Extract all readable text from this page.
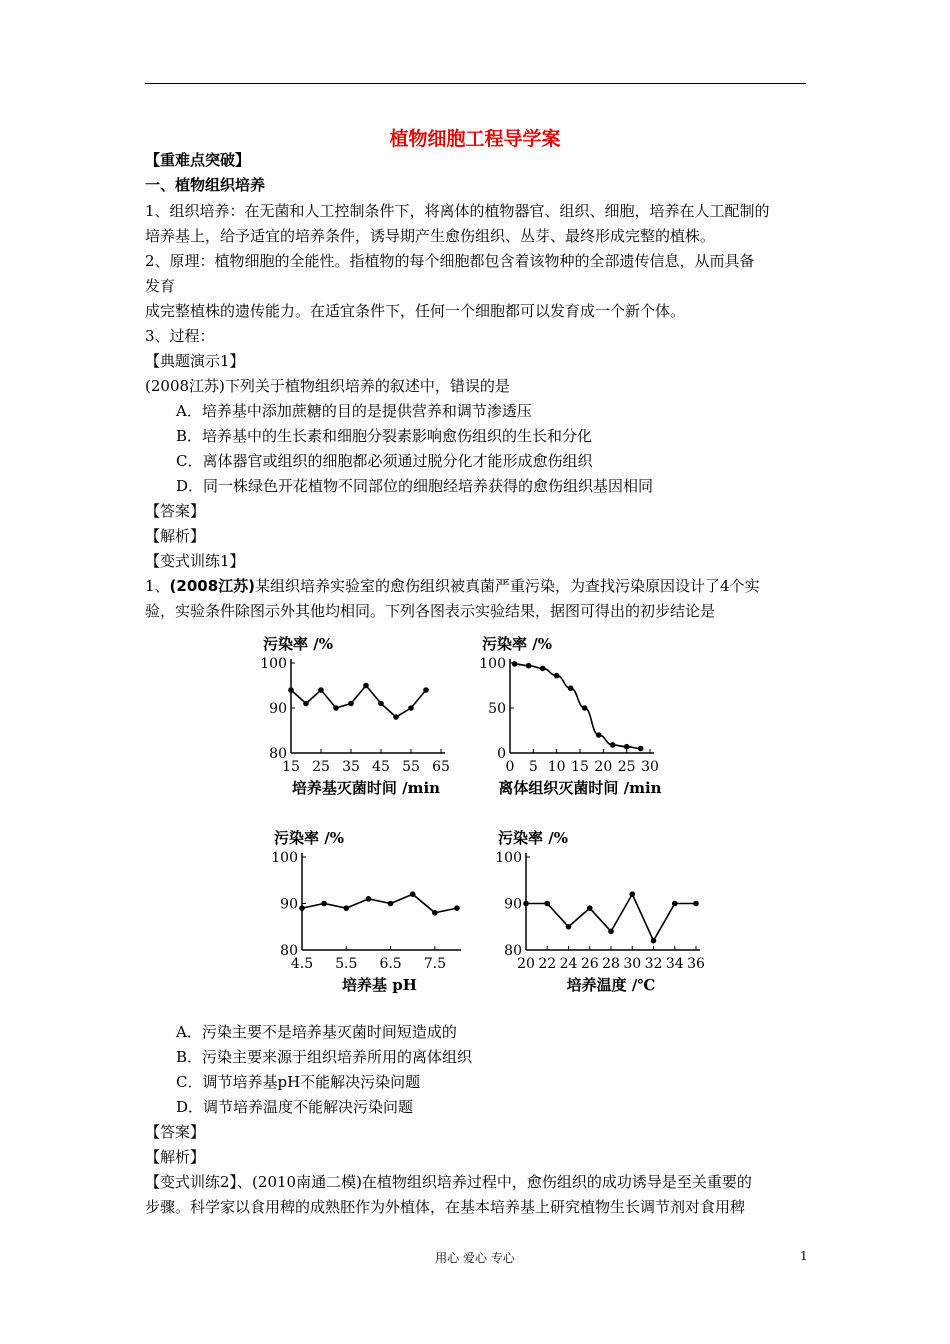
植物细胞工程导学案
【重难点突破】
一、植物组织培养
1、组织培养：在无菌和人工控制条件下，将离体的植物器官、组织、细胞，培养在人工配制的
培养基上，给予适宜的培养条件，诱导期产生愈伤组织、丛芽、最终形成完整的植株。
2、原理：植物细胞的全能性。指植物的每个细胞都包含着该物种的全部遗传信息，从而具备
发育
成完整植株的遗传能力。在适宜条件下，任何一个细胞都可以发育成一个新个体。
3、过程：
【典题演示1】
(2008江苏)下列关于植物组织培养的叙述中，错误的是
A．培养基中添加蔗糖的目的是提供营养和调节渗透压
B．培养基中的生长素和细胞分裂素影响愈伤组织的生长和分化
C．离体器官或组织的细胞都必须通过脱分化才能形成愈伤组织
D．同一株绿色开花植物不同部位的细胞经培养获得的愈伤组织基因相同
【答案】
【解析】
【变式训练1】
1、(2008江苏)某组织培养实验室的愈伤组织被真菌严重污染，为查找污染原因设计了4个实
验，实验条件除图示外其他均相同。下列各图表示实验结果，据图可得出的初步结论是
污染率 /%
80
90
100
15 25 35 45 55 65
培养基灭菌时间 /min
污染率 /%
0
50
100
0 5 10 15 20 25 30
离体组织灭菌时间 /min
污染率 /%
80
90
100
4.5 5.5 6.5 7.5
培养基 pH
污染率 /%
80
90
100
20 22 24 26 28 30 32 34 36
培养温度 /℃
A．污染主要不是培养基灭菌时间短造成的
B．污染主要来源于组织培养所用的离体组织
C．调节培养基pH不能解决污染问题
D．调节培养温度不能解决污染问题
【答案】
【解析】
【变式训练2】、(2010南通二模)在植物组织培养过程中，愈伤组织的成功诱导是至关重要的
步骤。科学家以食用稗的成熟胚作为外植体，在基本培养基上研究植物生长调节剂对食用稗
用心 爱心 专心	1
